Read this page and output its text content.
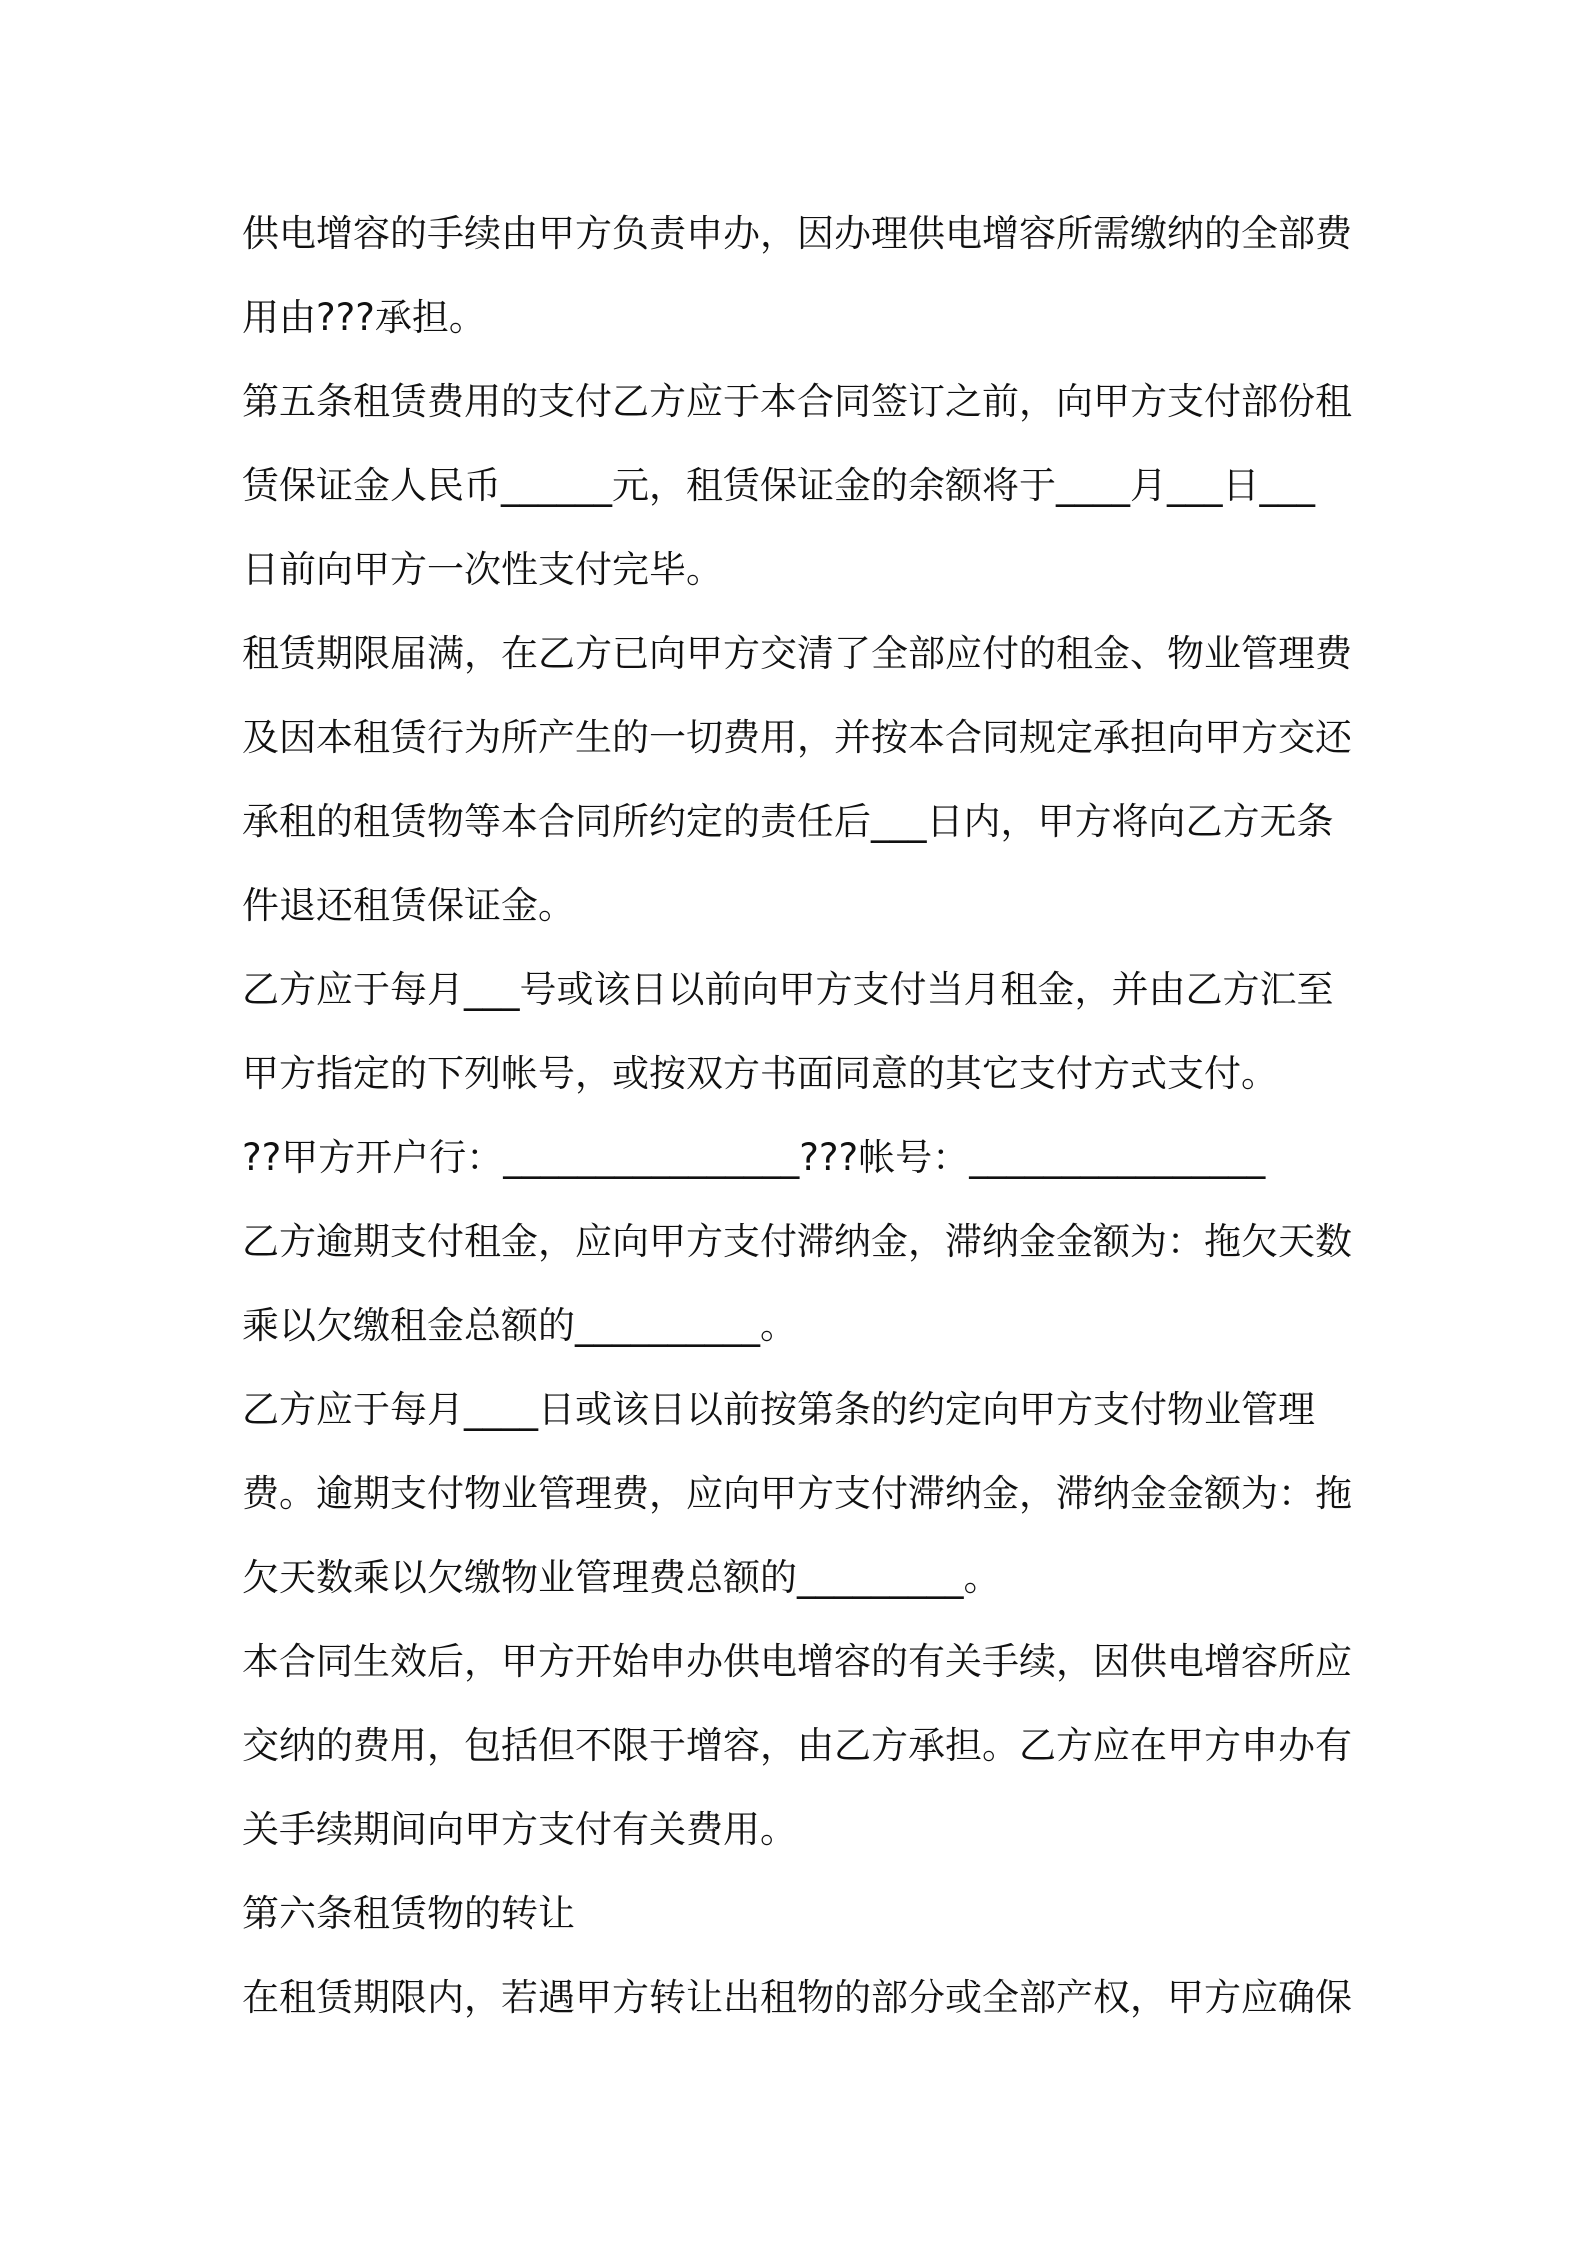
供电增容的手续由甲方负责申办，因办理供电增容所需缴纳的全部费
用由???承担。
第五条租赁费用的支付乙方应于本合同签订之前，向甲方支付部份租
赁保证金人民币______元，租赁保证金的余额将于____月___日___
日前向甲方一次性支付完毕。
租赁期限届满，在乙方已向甲方交清了全部应付的租金、物业管理费
及因本租赁行为所产生的一切费用，并按本合同规定承担向甲方交还
承租的租赁物等本合同所约定的责任后___日内，甲方将向乙方无条
件退还租赁保证金。
乙方应于每月___号或该日以前向甲方支付当月租金，并由乙方汇至
甲方指定的下列帐号，或按双方书面同意的其它支付方式支付。
??甲方开户行：________________???帐号：________________
乙方逾期支付租金，应向甲方支付滞纳金，滞纳金金额为：拖欠天数
乘以欠缴租金总额的__________。
乙方应于每月____日或该日以前按第条的约定向甲方支付物业管理
费。逾期支付物业管理费，应向甲方支付滞纳金，滞纳金金额为：拖
欠天数乘以欠缴物业管理费总额的_________。
本合同生效后，甲方开始申办供电增容的有关手续，因供电增容所应
交纳的费用，包括但不限于增容，由乙方承担。乙方应在甲方申办有
关手续期间向甲方支付有关费用。
第六条租赁物的转让
在租赁期限内，若遇甲方转让出租物的部分或全部产权，甲方应确保
